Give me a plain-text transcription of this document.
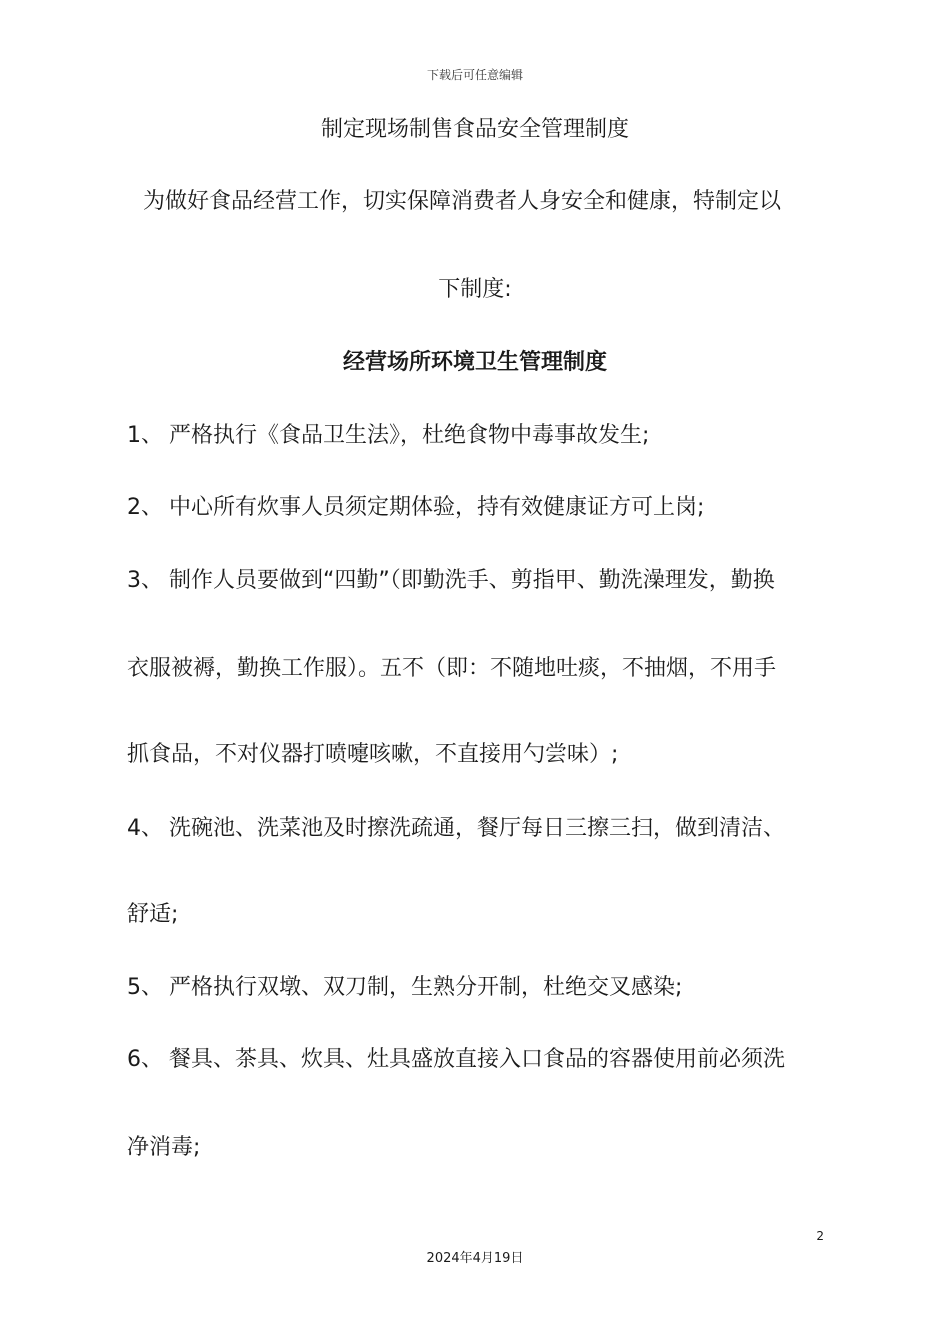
下载后可任意编辑
制定现场制售食品安全管理制度
为做好食品经营工作，切实保障消费者人身安全和健康，特制定以
下制度:
经营场所环境卫生管理制度
1、 严格执行《食品卫生法》，杜绝食物中毒事故发生;
2、 中心所有炊事人员须定期体验，持有效健康证方可上岗;
3、 制作人员要做到“四勤”（即勤洗手、剪指甲、勤洗澡理发，勤换
衣服被褥，勤换工作服）。五不（即：不随地吐痰，不抽烟，不用手
抓食品，不对仪器打喷嚏咳嗽，不直接用勺尝味）;
4、 洗碗池、洗菜池及时擦洗疏通，餐厅每日三擦三扫，做到清洁、
舒适;
5、 严格执行双墩、双刀制，生熟分开制，杜绝交叉感染;
6、 餐具、茶具、炊具、灶具盛放直接入口食品的容器使用前必须洗
净消毒;
2
2024年4月19日
